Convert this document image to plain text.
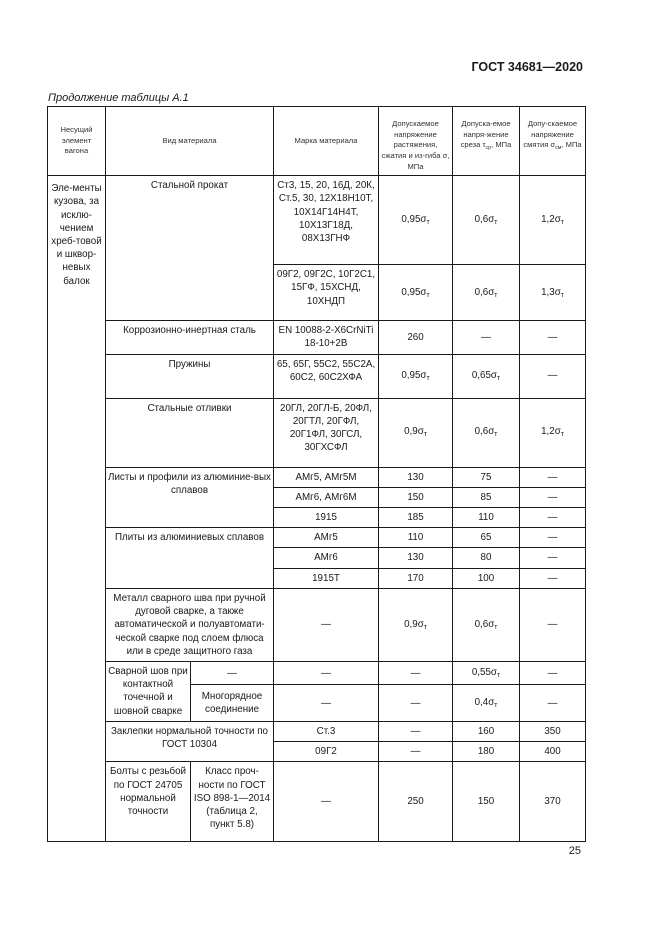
ГОСТ 34681—2020
Продолжение таблицы А.1
Несущий элемент вагона	Вид материала		Марка материала	Допускаемое напряжение растяжения, сжатия и из-гиба σ, МПа	Допуска-емое напря-жение среза $\tau_{ср}$, МПа	Допу-скаемое напряжение смятия $\sigma_{см}$, МПа
Эле-менты кузова, за исклю-чением хреб-товой и шквор-невых балок	Стальной прокат		Ст3, 15, 20, 16Д, 20К, Ст.5, 30, 12Х18Н10Т, 10Х14Г14Н4Т, 10Х13Г18Д, 08Х13ГНФ	$0,95\sigma_т$	$0,6\sigma_т$	$1,2\sigma_т$
			09Г2, 09Г2С, 10Г2С1, 15ГФ, 15ХСНД, 10ХНДП	$0,95\sigma_т$	$0,6\sigma_т$	$1,3\sigma_т$
	Коррозионно-инертная сталь		EN 10088-2-X6CrNiTi 18-10+2B	260	—	—
	Пружины		65, 65Г, 55С2, 55С2А, 60С2, 60С2ХФА	$0,95\sigma_т$	$0,65\sigma_т$	—
	Стальные отливки		20ГЛ, 20ГЛ-Б, 20ФЛ, 20ГТЛ, 20ГФЛ, 20Г1ФЛ, 30ГСЛ, 30ГХСФЛ	$0,9\sigma_т$	$0,6\sigma_т$	$1,2\sigma_т$
	Листы и профили из алюминие-вых сплавов		АМг5, АМг5М	130	75	—
			АМг6, АМг6М	150	85	—
			1915	185	110	—
	Плиты из алюминиевых сплавов		АМг5	110	65	—
			АМг6	130	80	—
			1915Т	170	100	—
	Металл сварного шва при ручной дуговой сварке, а также автоматической и полуавтомати-ческой сварке под слоем флюса или в среде защитного газа		—	$0,9\sigma_т$	$0,6\sigma_т$	—
	Сварной шов при контактной точечной и шовной сварке	—	—	—	$0,55\sigma_т$	—
		Многорядное соединение	—	—	$0,4\sigma_т$	—
	Заклепки нормальной точности по ГОСТ 10304		Ст.3	—	160	350
			09Г2	—	180	400
	Болты с резьбой по ГОСТ 24705 нормальной точности	Класс проч-ности по ГОСТ ISO 898-1—2014 (таблица 2, пункт 5.8)	—	250	150	370
25
